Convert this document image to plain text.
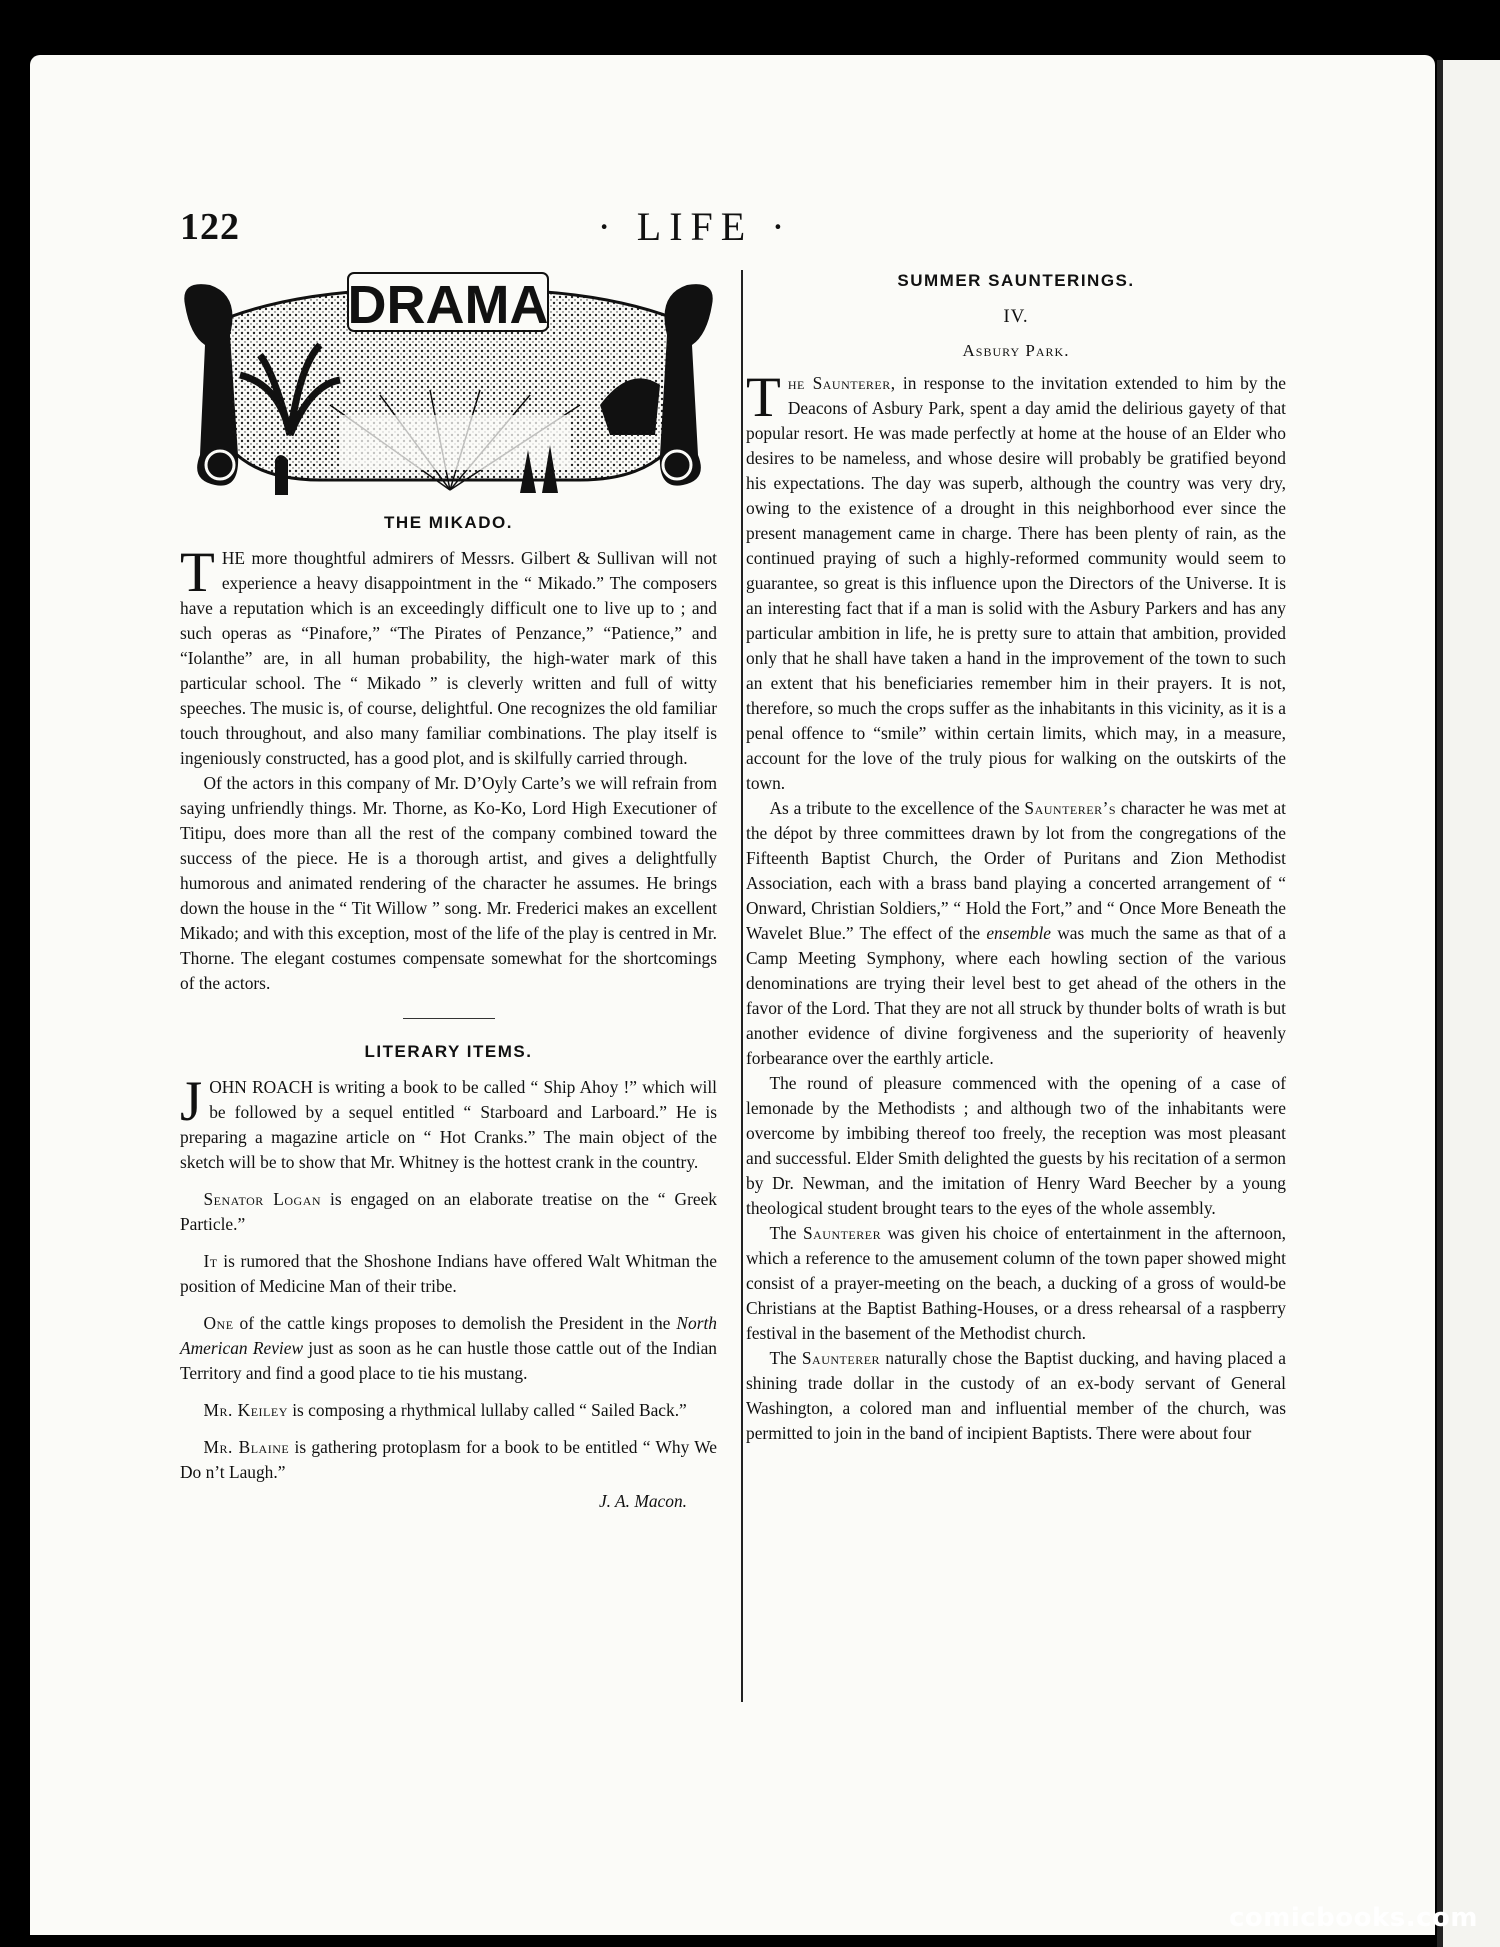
122	· LIFE ·
DRAMA
THE MIKADO.

THE more thoughtful admirers of Messrs. Gilbert & Sullivan will not experience a heavy disappointment in the “ Mikado.” The composers have a reputation which is an exceedingly difficult one to live up to ; and such operas as “Pinafore,” “The Pirates of Penzance,” “Patience,” and “Iolanthe” are, in all human probability, the high-water mark of this particular school. The “ Mikado ” is cleverly written and full of witty speeches. The music is, of course, delightful. One recognizes the old familiar touch throughout, and also many familiar combinations. The play itself is ingeniously constructed, has a good plot, and is skilfully carried through.

Of the actors in this company of Mr. D’Oyly Carte’s we will refrain from saying unfriendly things. Mr. Thorne, as Ko-Ko, Lord High Executioner of Titipu, does more than all the rest of the company combined toward the success of the piece. He is a thorough artist, and gives a delightfully humorous and animated rendering of the character he assumes. He brings down the house in the “ Tit Willow ” song. Mr. Frederici makes an excellent Mikado; and with this exception, most of the life of the play is centred in Mr. Thorne. The elegant costumes compensate somewhat for the shortcomings of the actors.

LITERARY ITEMS.

JOHN ROACH is writing a book to be called “ Ship Ahoy !” which will be followed by a sequel entitled “ Starboard and Larboard.” He is preparing a magazine article on “ Hot Cranks.” The main object of the sketch will be to show that Mr. Whitney is the hottest crank in the country.

Senator Logan is engaged on an elaborate treatise on the “ Greek Particle.”

It is rumored that the Shoshone Indians have offered Walt Whitman the position of Medicine Man of their tribe.

One of the cattle kings proposes to demolish the President in the North American Review just as soon as he can hustle those cattle out of the Indian Territory and find a good place to tie his mustang.

Mr. Keiley is composing a rhythmical lullaby called “ Sailed Back.”

Mr. Blaine is gathering protoplasm for a book to be entitled “ Why We Do n’t Laugh.”

J. A. Macon.

SUMMER SAUNTERINGS.
IV.
Asbury Park.

The Saunterer, in response to the invitation extended to him by the Deacons of Asbury Park, spent a day amid the delirious gayety of that popular resort. He was made perfectly at home at the house of an Elder who desires to be nameless, and whose desire will probably be gratified beyond his expectations. The day was superb, although the country was very dry, owing to the existence of a drought in this neighborhood ever since the present management came in charge. There has been plenty of rain, as the continued praying of such a highly-reformed community would seem to guarantee, so great is this influence upon the Directors of the Universe. It is an interesting fact that if a man is solid with the Asbury Parkers and has any particular ambition in life, he is pretty sure to attain that ambition, provided only that he shall have taken a hand in the improvement of the town to such an extent that his beneficiaries remember him in their prayers. It is not, therefore, so much the crops suffer as the inhabitants in this vicinity, as it is a penal offence to “smile” within certain limits, which may, in a measure, account for the love of the truly pious for walking on the outskirts of the town.

As a tribute to the excellence of the Saunterer’s character he was met at the dépot by three committees drawn by lot from the congregations of the Fifteenth Baptist Church, the Order of Puritans and Zion Methodist Association, each with a brass band playing a concerted arrangement of “ Onward, Christian Soldiers,” “ Hold the Fort,” and “ Once More Beneath the Wavelet Blue.” The effect of the ensemble was much the same as that of a Camp Meeting Symphony, where each howling section of the various denominations are trying their level best to get ahead of the others in the favor of the Lord. That they are not all struck by thunder bolts of wrath is but another evidence of divine forgiveness and the superiority of heavenly forbearance over the earthly article.

The round of pleasure commenced with the opening of a case of lemonade by the Methodists ; and although two of the inhabitants were overcome by imbibing thereof too freely, the reception was most pleasant and successful. Elder Smith delighted the guests by his recitation of a sermon by Dr. Newman, and the imitation of Henry Ward Beecher by a young theological student brought tears to the eyes of the whole assembly.

The Saunterer was given his choice of entertainment in the afternoon, which a reference to the amusement column of the town paper showed might consist of a prayer-meeting on the beach, a ducking of a gross of would-be Christians at the Baptist Bathing-Houses, or a dress rehearsal of a raspberry festival in the basement of the Methodist church.

The Saunterer naturally chose the Baptist ducking, and having placed a shining trade dollar in the custody of an ex-body servant of General Washington, a colored man and influential member of the church, was permitted to join in the band of incipient Baptists. There were about four

comicbooks.com
